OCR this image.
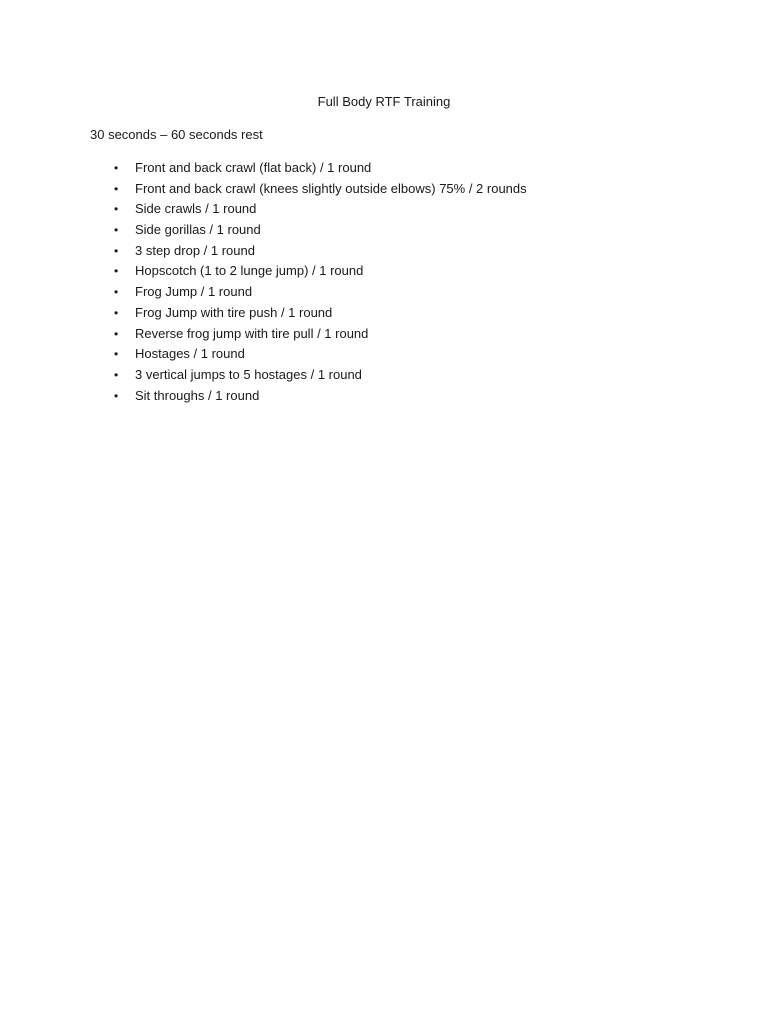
Full Body RTF Training

30 seconds – 60 seconds rest

•	Front and back crawl (flat back) / 1 round
•	Front and back crawl (knees slightly outside elbows) 75% / 2 rounds
•	Side crawls / 1 round
•	Side gorillas / 1 round
•	3 step drop / 1 round
•	Hopscotch (1 to 2 lunge jump) / 1 round
•	Frog Jump / 1 round
•	Frog Jump with tire push / 1 round
•	Reverse frog jump with tire pull / 1 round
•	Hostages / 1 round
•	3 vertical jumps to 5 hostages / 1 round
•	Sit throughs / 1 round
